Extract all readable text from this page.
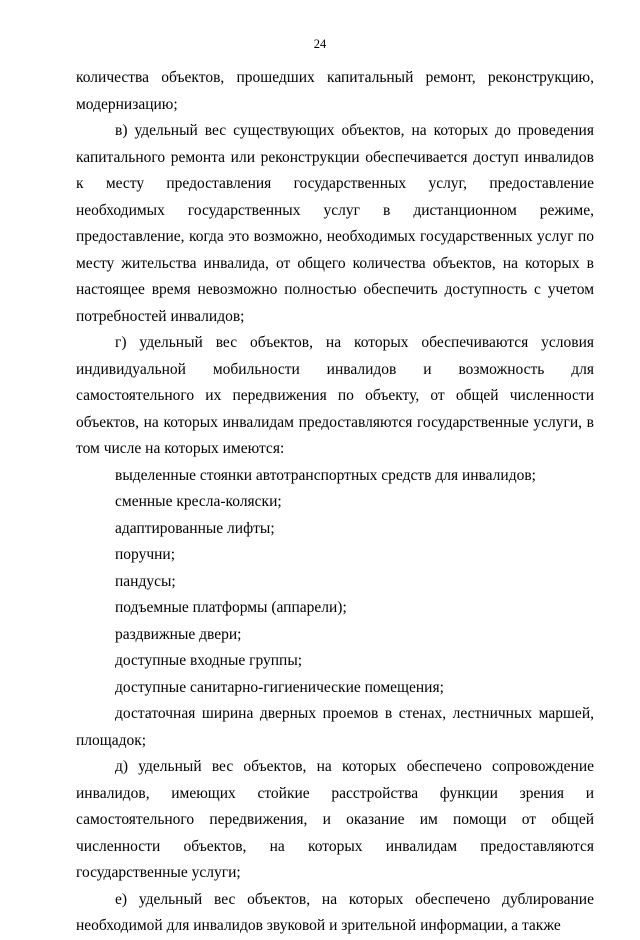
24

количества объектов, прошедших капитальный ремонт, реконструкцию, модернизацию;

в) удельный вес существующих объектов, на которых до проведения капитального ремонта или реконструкции обеспечивается доступ инвалидов к месту предоставления государственных услуг, предоставление необходимых государственных услуг в дистанционном режиме, предоставление, когда это возможно, необходимых государственных услуг по месту жительства инвалида, от общего количества объектов, на которых в настоящее время невозможно полностью обеспечить доступность с учетом потребностей инвалидов;

г) удельный вес объектов, на которых обеспечиваются условия индивидуальной мобильности инвалидов и возможность для самостоятельного их передвижения по объекту, от общей численности объектов, на которых инвалидам предоставляются государственные услуги, в том числе на которых имеются:

выделенные стоянки автотранспортных средств для инвалидов;

сменные кресла-коляски;

адаптированные лифты;

поручни;

пандусы;

подъемные платформы (аппарели);

раздвижные двери;

доступные входные группы;

доступные санитарно-гигиенические помещения;

достаточная ширина дверных проемов в стенах, лестничных маршей, площадок;

д) удельный вес объектов, на которых обеспечено сопровождение инвалидов, имеющих стойкие расстройства функции зрения и самостоятельного передвижения, и оказание им помощи от общей численности объектов, на которых инвалидам предоставляются государственные услуги;

е) удельный вес объектов, на которых обеспечено дублирование необходимой для инвалидов звуковой и зрительной информации, а также
